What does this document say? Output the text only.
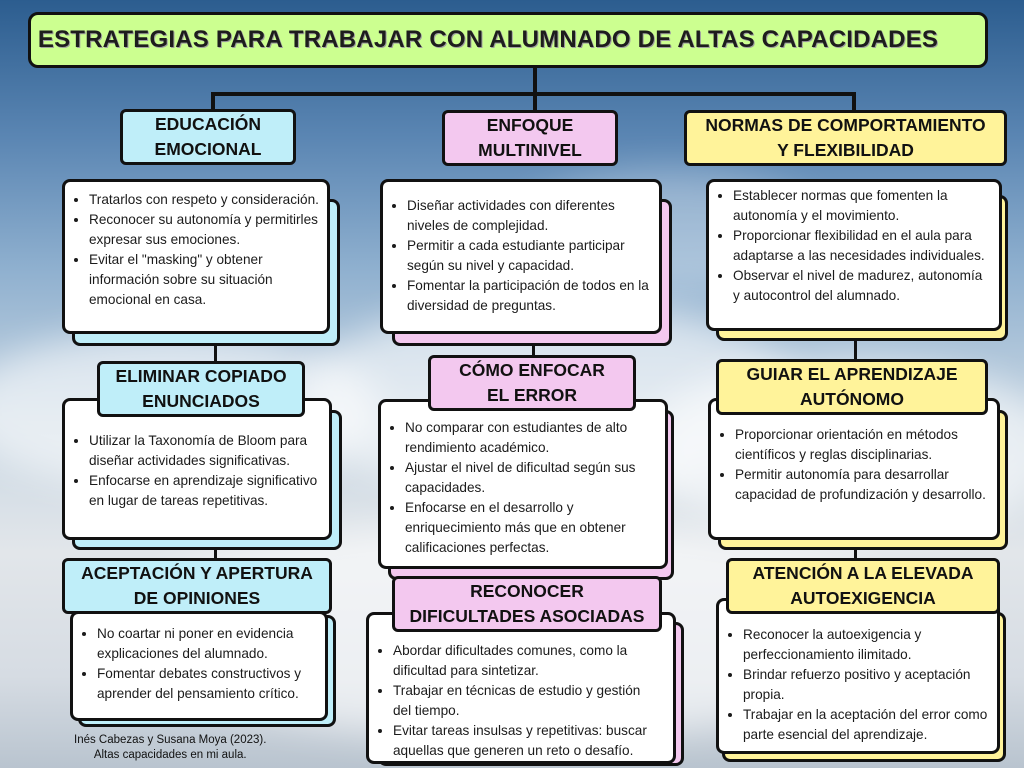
ESTRATEGIAS PARA TRABAJAR CON ALUMNADO DE ALTAS CAPACIDADES
EDUCACIÓN
EMOCIONAL
• Tratarlos con respeto y consideración.
• Reconocer su autonomía y permitirles expresar sus emociones.
• Evitar el "masking" y obtener información sobre su situación emocional en casa.
ELIMINAR COPIADO
ENUNCIADOS
• Utilizar la Taxonomía de Bloom para diseñar actividades significativas.
• Enfocarse en aprendizaje significativo en lugar de tareas repetitivas.
ACEPTACIÓN Y APERTURA
DE OPINIONES
• No coartar ni poner en evidencia explicaciones del alumnado.
• Fomentar debates constructivos y aprender del pensamiento crítico.
ENFOQUE
MULTINIVEL
• Diseñar actividades con diferentes niveles de complejidad.
• Permitir a cada estudiante participar según su nivel y capacidad.
• Fomentar la participación de todos en la diversidad de preguntas.
CÓMO ENFOCAR
EL ERROR
• No comparar con estudiantes de alto rendimiento académico.
• Ajustar el nivel de dificultad según sus capacidades.
• Enfocarse en el desarrollo y enriquecimiento más que en obtener calificaciones perfectas.
RECONOCER
DIFICULTADES ASOCIADAS
• Abordar dificultades comunes, como la dificultad para sintetizar.
• Trabajar en técnicas de estudio y gestión del tiempo.
• Evitar tareas insulsas y repetitivas: buscar aquellas que generen un reto o desafío.
NORMAS DE COMPORTAMIENTO
Y FLEXIBILIDAD
• Establecer normas que fomenten la autonomía y el movimiento.
• Proporcionar flexibilidad en el aula para adaptarse a las necesidades individuales.
• Observar el nivel de madurez, autonomía y autocontrol del alumnado.
GUIAR EL APRENDIZAJE
AUTÓNOMO
• Proporcionar orientación en métodos científicos y reglas disciplinarias.
• Permitir autonomía para desarrollar capacidad de profundización y desarrollo.
ATENCIÓN A LA ELEVADA
AUTOEXIGENCIA
• Reconocer la autoexigencia y perfeccionamiento ilimitado.
• Brindar refuerzo positivo y aceptación propia.
• Trabajar en la aceptación del error como parte esencial del aprendizaje.
Inés Cabezas y Susana Moya (2023).
Altas capacidades en mi aula.
